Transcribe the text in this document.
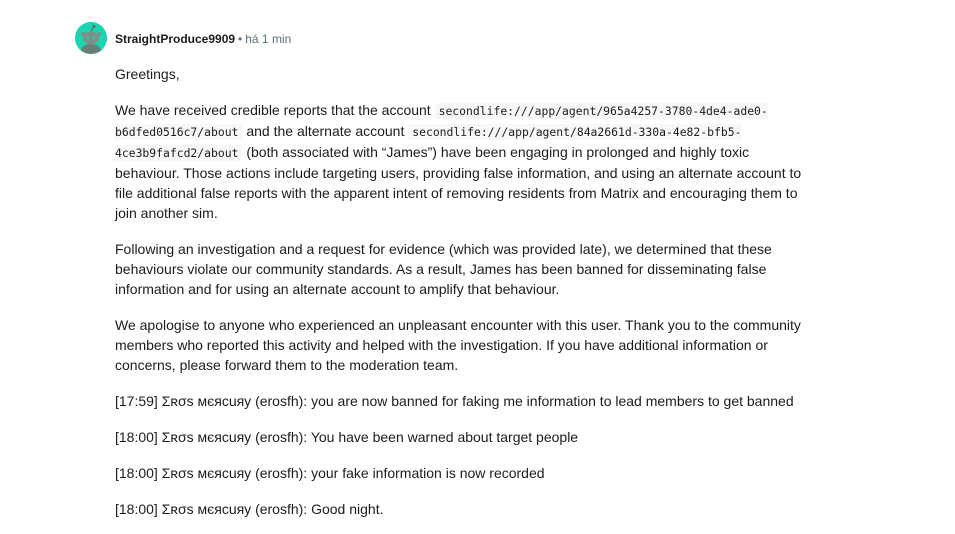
StraightProduce9909 • há 1 min

Greetings,

We have received credible reports that the account secondlife:///app/agent/965a4257-3780-4de4-ade0-b6dfed0516c7/about and the alternate account secondlife:///app/agent/84a2661d-330a-4e82-bfb5-4ce3b9fafcd2/about (both associated with “James”) have been engaging in prolonged and highly toxic behaviour. Those actions include targeting users, providing false information, and using an alternate account to file additional false reports with the apparent intent of removing residents from Matrix and encouraging them to join another sim.

Following an investigation and a request for evidence (which was provided late), we determined that these behaviours violate our community standards. As a result, James has been banned for disseminating false information and for using an alternate account to amplify that behaviour.

We apologise to anyone who experienced an unpleasant encounter with this user. Thank you to the community members who reported this activity and helped with the investigation. If you have additional information or concerns, please forward them to the moderation team.

[17:59] Σʀσѕ мєяcuяy (erosfh): you are now banned for faking me information to lead members to get banned

[18:00] Σʀσѕ мєяcuяy (erosfh): You have been warned about target people

[18:00] Σʀσѕ мєяcuяy (erosfh): your fake information is now recorded

[18:00] Σʀσѕ мєяcuяy (erosfh): Good night.
